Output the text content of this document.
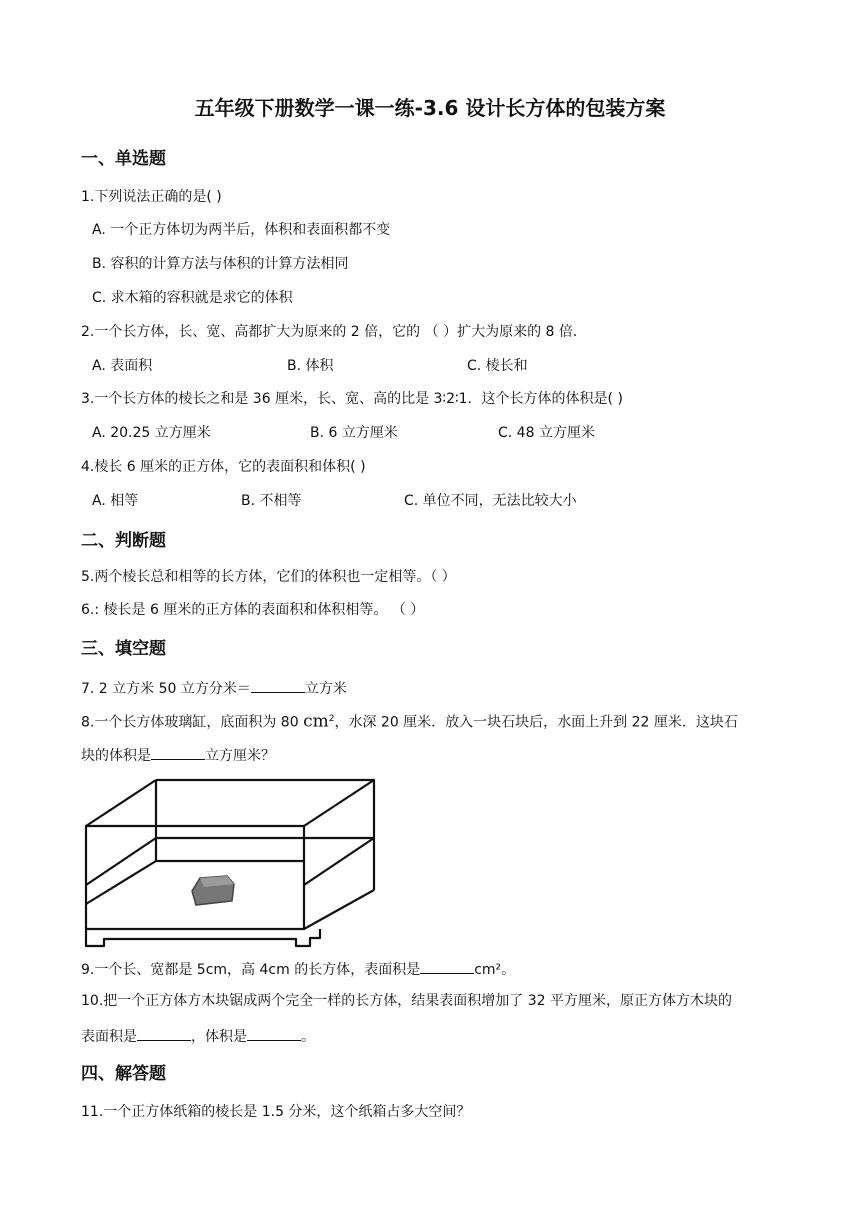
五年级下册数学一课一练-3.6 设计长方体的包装方案
一、单选题
1.下列说法正确的是( )
A. 一个正方体切为两半后，体积和表面积都不变
B. 容积的计算方法与体积的计算方法相同
C. 求木箱的容积就是求它的体积
2.一个长方体，长、宽、高都扩大为原来的 2 倍，它的 （ ）扩大为原来的 8 倍.
A. 表面积	B. 体积	C. 棱长和
3.一个长方体的棱长之和是 36 厘米，长、宽、高的比是 3∶2∶1．这个长方体的体积是( )
A. 20.25 立方厘米	B. 6 立方厘米	C. 48 立方厘米
4.棱长 6 厘米的正方体，它的表面积和体积( )
A. 相等	B. 不相等	C. 单位不同，无法比较大小
二、判断题
5.两个棱长总和相等的长方体，它们的体积也一定相等。（ ）
6.: 棱长是 6 厘米的正方体的表面积和体积相等。 （ ）
三、填空题
7. 2 立方米 50 立方分米＝	立方米
8.一个长方体玻璃缸，底面积为 80 $cm^2$，水深 20 厘米．放入一块石块后，水面上升到 22 厘米．这块石
块的体积是	立方厘米？
9.一个长、宽都是 5cm，高 4cm 的长方体，表面积是	cm²。
10.把一个正方体方木块锯成两个完全一样的长方体，结果表面积增加了 32 平方厘米，原正方体方木块的
表面积是	，体积是	。
四、解答题
11.一个正方体纸箱的棱长是 1.5 分米，这个纸箱占多大空间？
